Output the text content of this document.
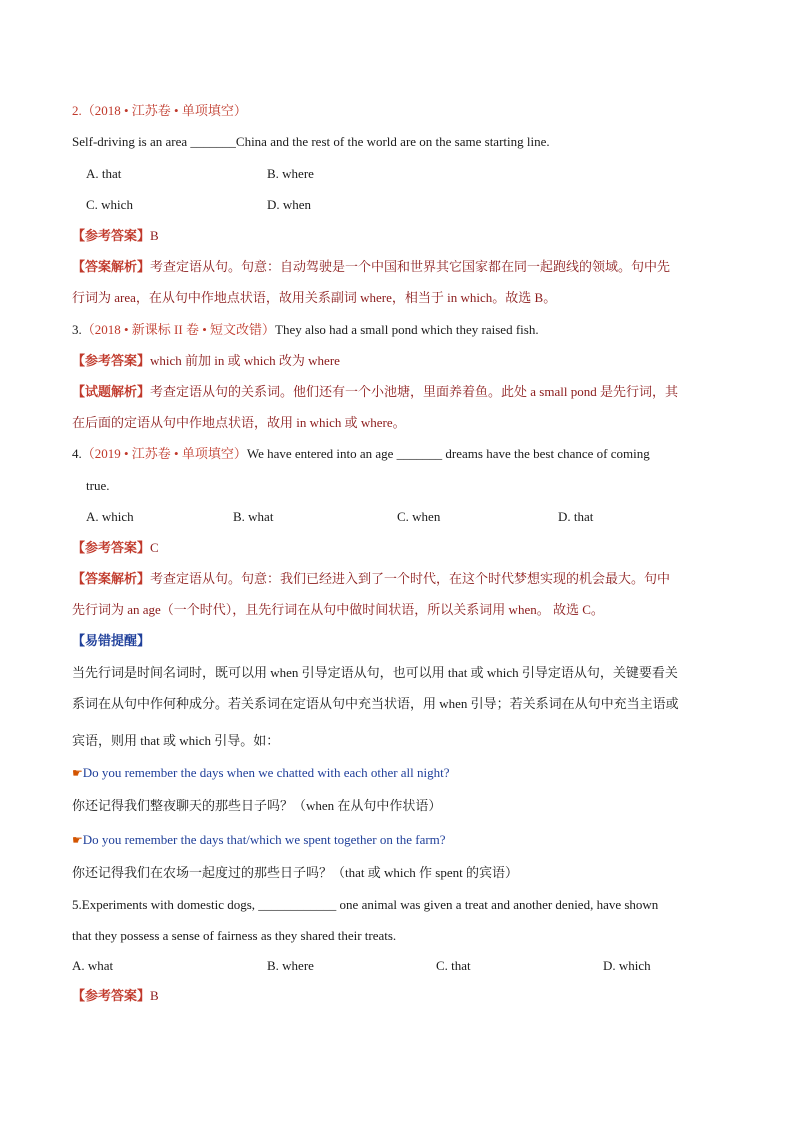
2.（2018 • 江苏卷 • 单项填空）
Self-driving is an area _______China and the rest of the world are on the same starting line.
A. that	B. where
C. which	D. when
【参考答案】B
【答案解析】考查定语从句。句意：自动驾驶是一个中国和世界其它国家都在同一起跑线的领域。句中先
行词为 area，在从句中作地点状语，故用关系副词 where，相当于 in which。故选 B。
3.（2018 • 新课标 II 卷 • 短文改错）They also had a small pond which they raised fish.
【参考答案】which 前加 in 或 which 改为 where
【试题解析】考查定语从句的关系词。他们还有一个小池塘，里面养着鱼。此处 a small pond 是先行词，其
在后面的定语从句中作地点状语，故用 in which 或 where。
4.（2019 • 江苏卷 • 单项填空）We have entered into an age _______ dreams have the best chance of coming
true.
A. which	B. what	C. when	D. that
【参考答案】C
【答案解析】考查定语从句。句意：我们已经进入到了一个时代，在这个时代梦想实现的机会最大。句中
先行词为 an age（一个时代），且先行词在从句中做时间状语，所以关系词用 when。 故选 C。
【易错提醒】
当先行词是时间名词时，既可以用 when 引导定语从句，也可以用 that 或 which 引导定语从句，关键要看关
系词在从句中作何种成分。若关系词在定语从句中充当状语，用 when 引导；若关系词在从句中充当主语或
宾语，则用 that 或 which 引导。如：
☛Do you remember the days when we chatted with each other all night?
你还记得我们整夜聊天的那些日子吗？（when 在从句中作状语）
☛Do you remember the days that/which we spent together on the farm?
你还记得我们在农场一起度过的那些日子吗？（that 或 which 作 spent 的宾语）
5.Experiments with domestic dogs, ____________ one animal was given a treat and another denied, have shown
that they possess a sense of fairness as they shared their treats.
A. what	B. where	C. that	D. which
【参考答案】B
